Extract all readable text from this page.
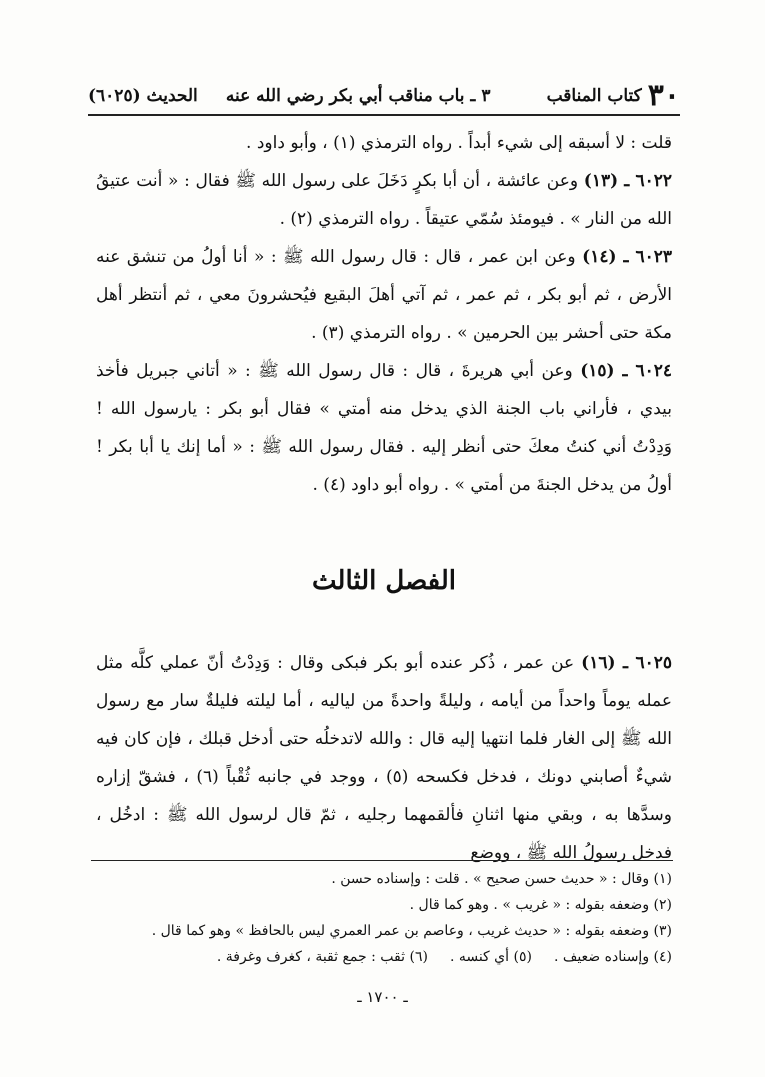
٣٠
كتاب المناقب
٣ ـ باب مناقب أبي بكر رضي الله عنه
الحديث (٦٠٢٥)

قلت : لا أسبقه إلى شيء أبداً . رواه الترمذي (١) ، وأبو داود .

٦٠٢٢ ـ (١٣) وعن عائشة ، أن أبا بكرٍ دَخَلَ على رسول الله ﷺ فقال : « أنت عتيقُ الله من النار » . فيومئذ سُمّي عتيقاً . رواه الترمذي (٢) .

٦٠٢٣ ـ (١٤) وعن ابن عمر ، قال : قال رسول الله ﷺ : « أنا أولُ من تنشق عنه الأرض ، ثم أبو بكر ، ثم عمر ، ثم آتي أهلَ البقيع فيُحشرونَ معي ، ثم أنتظر أهل مكة حتى أحشر بين الحرمين » . رواه الترمذي (٣) .

٦٠٢٤ ـ (١٥) وعن أبي هريرةَ ، قال : قال رسول الله ﷺ : « أتاني جبريل فأخذ بيدي ، فأراني باب الجنة الذي يدخل منه أمتي » فقال أبو بكر : يارسول الله ! وَدِدْتُ أني كنتُ معكَ حتى أنظر إليه . فقال رسول الله ﷺ : « أما إنك يا أبا بكر ! أولُ من يدخل الجنةَ من أمتي » . رواه أبو داود (٤) .

الفصل الثالث

٦٠٢٥ ـ (١٦) عن عمر ، ذُكر عنده أبو بكر فبكى وقال : وَدِدْتُ أنّ عملي كلَّه مثل عمله يوماً واحداً من أيامه ، وليلةً واحدةً من لياليه ، أما ليلته فليلةٌ سار مع رسول الله ﷺ إلى الغار فلما انتهيا إليه قال : والله لاتدخلُه حتى أدخل قبلك ، فإن كان فيه شيءٌ أصابني دونك ، فدخل فكسحه (٥) ، ووجد في جانبه ثُقْباً (٦) ، فشقّ إزاره وسدَّها به ، وبقي منها اثنانِ فألقمهما رجليه ، ثمّ قال لرسول الله ﷺ : ادخُل ، فدخل رسولُ الله ﷺ ، ووضع

(١) وقال : « حديث حسن صحيح » . قلت : وإسناده حسن .
(٢) وضعفه بقوله : « غريب » . وهو كما قال .
(٣) وضعفه بقوله : « حديث غريب ، وعاصم بن عمر العمري ليس بالحافظ » وهو كما قال .
(٤) وإسناده ضعيف .
(٥) أي كنسه .
(٦) ثقب : جمع ثقبة ، كغرف وغرفة .
ـ ١٧٠٠ ـ
